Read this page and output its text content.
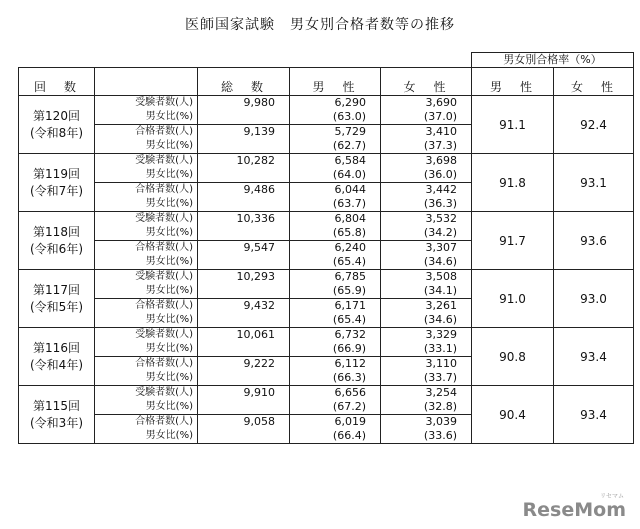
医師国家試験　男女別合格者数等の推移
					男女別合格率（%）	

回　数		総　数	男　性	女　性	男　性	女　性

第120回
(令和8年)	受験者数(人)	9,980	6,290	3,690	91.1	92.4
	男女比(%)		(63.0)	(37.0)		
	合格者数(人)	9,139	5,729	3,410		
	男女比(%)		(62.7)	(37.3)		

第119回
(令和7年)	受験者数(人)	10,282	6,584	3,698	91.8	93.1
	男女比(%)		(64.0)	(36.0)		
	合格者数(人)	9,486	6,044	3,442		
	男女比(%)		(63.7)	(36.3)		

第118回
(令和6年)	受験者数(人)	10,336	6,804	3,532	91.7	93.6
	男女比(%)		(65.8)	(34.2)		
	合格者数(人)	9,547	6,240	3,307		
	男女比(%)		(65.4)	(34.6)		

第117回
(令和5年)	受験者数(人)	10,293	6,785	3,508	91.0	93.0
	男女比(%)		(65.9)	(34.1)		
	合格者数(人)	9,432	6,171	3,261		
	男女比(%)		(65.4)	(34.6)		

第116回
(令和4年)	受験者数(人)	10,061	6,732	3,329	90.8	93.4
	男女比(%)		(66.9)	(33.1)		
	合格者数(人)	9,222	6,112	3,110		
	男女比(%)		(66.3)	(33.7)		

第115回
(令和3年)	受験者数(人)	9,910	6,656	3,254	90.4	93.4
	男女比(%)		(67.2)	(32.8)		
	合格者数(人)	9,058	6,019	3,039		
	男女比(%)		(66.4)	(33.6)		
リセマム
ReseMom
